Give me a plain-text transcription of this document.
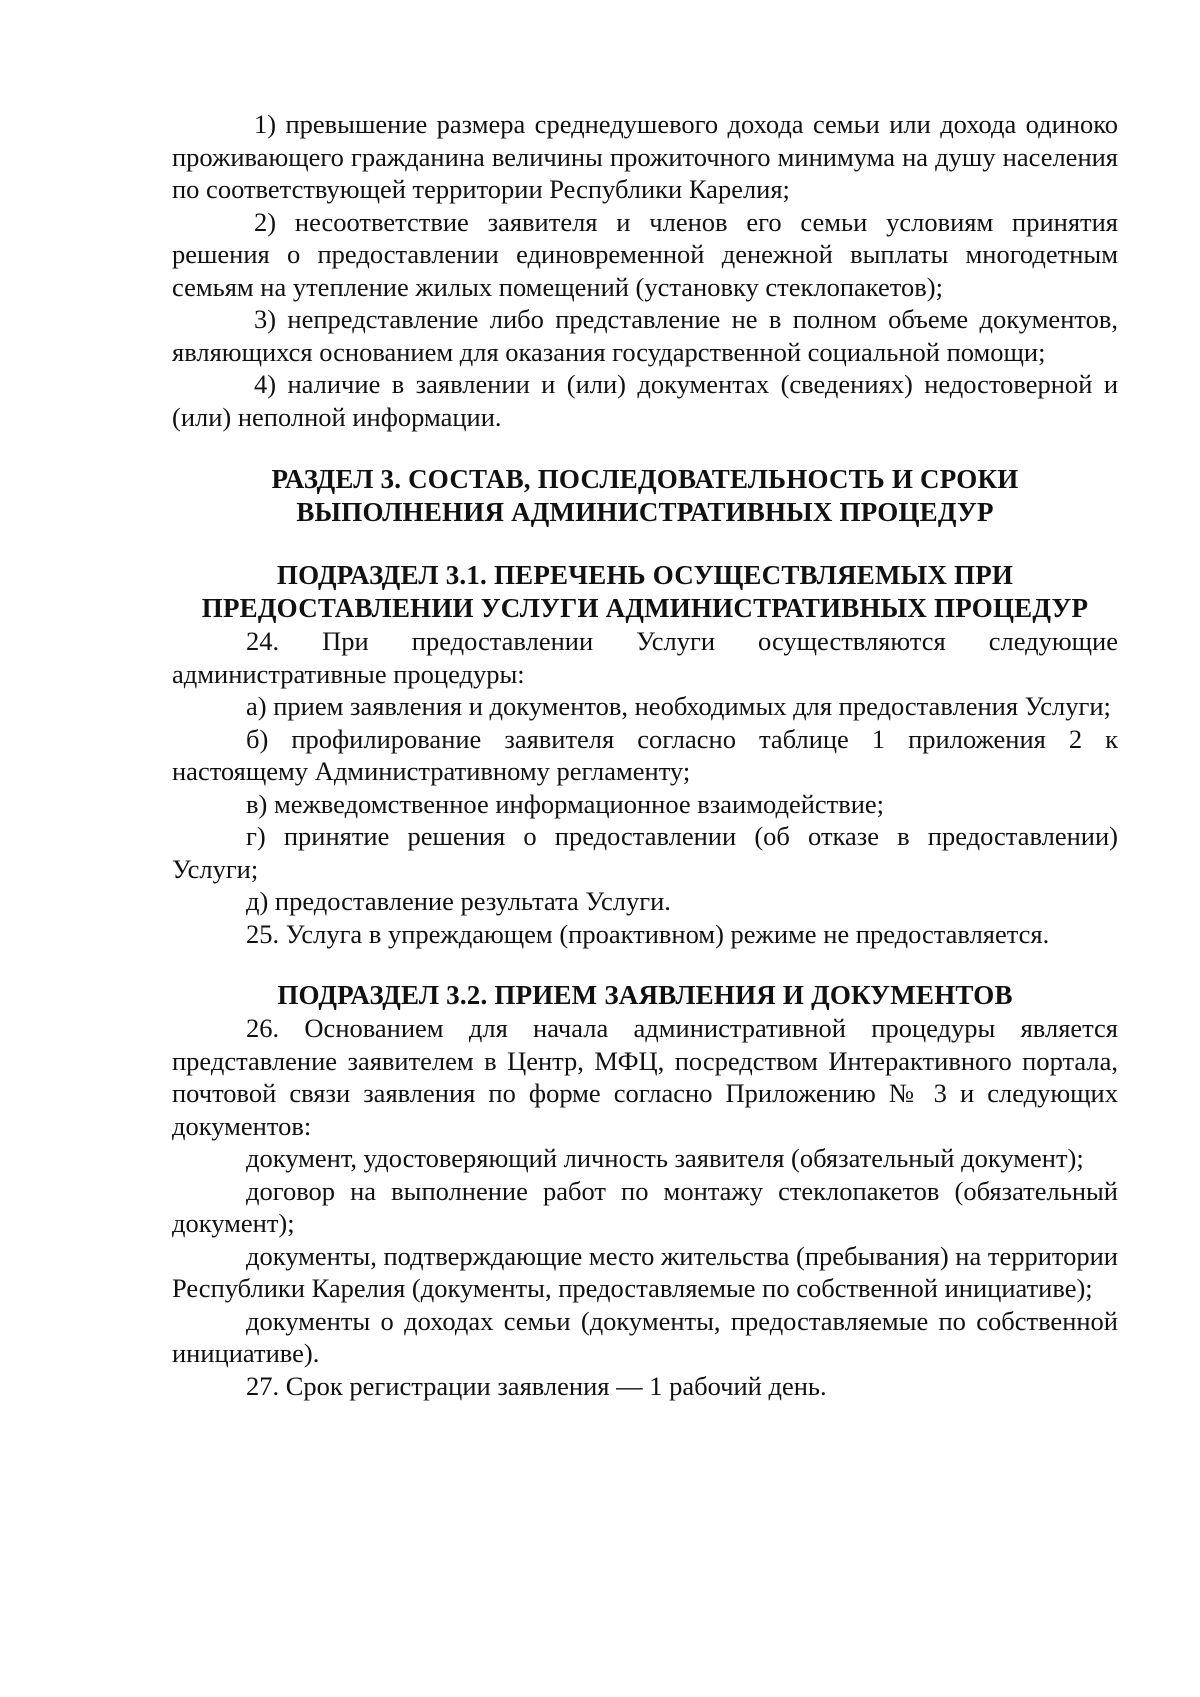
1) превышение размера среднедушевого дохода семьи или дохода одиноко проживающего гражданина величины прожиточного минимума на душу населения по соответствующей территории Республики Карелия;

2) несоответствие заявителя и членов его семьи условиям принятия решения о предоставлении единовременной денежной выплаты многодетным семьям на утепление жилых помещений (установку стеклопакетов);

3) непредставление либо представление не в полном объеме документов, являющихся основанием для оказания государственной социальной помощи;

4) наличие в заявлении и (или) документах (сведениях) недостоверной и (или) неполной информации.

РАЗДЕЛ 3. СОСТАВ, ПОСЛЕДОВАТЕЛЬНОСТЬ И СРОКИ
ВЫПОЛНЕНИЯ АДМИНИСТРАТИВНЫХ ПРОЦЕДУР
ПОДРАЗДЕЛ 3.1. ПЕРЕЧЕНЬ ОСУЩЕСТВЛЯЕМЫХ ПРИ
ПРЕДОСТАВЛЕНИИ УСЛУГИ АДМИНИСТРАТИВНЫХ ПРОЦЕДУР

24. При предоставлении Услуги осуществляются следующие административные процедуры:

а) прием заявления и документов, необходимых для предоставления Услуги;

б) профилирование заявителя согласно таблице 1 приложения 2 к настоящему Административному регламенту;

в) межведомственное информационное взаимодействие;

г) принятие решения о предоставлении (об отказе в предоставлении) Услуги;

д) предоставление результата Услуги.

25. Услуга в упреждающем (проактивном) режиме не предоставляется.

ПОДРАЗДЕЛ 3.2. ПРИЕМ ЗАЯВЛЕНИЯ И ДОКУМЕНТОВ

26. Основанием для начала административной процедуры является представление заявителем в Центр, МФЦ, посредством Интерактивного портала, почтовой связи заявления по форме согласно Приложению № 3 и следующих документов:

документ, удостоверяющий личность заявителя (обязательный документ);

договор на выполнение работ по монтажу стеклопакетов (обязательный документ);

документы, подтверждающие место жительства (пребывания) на территории Республики Карелия (документы, предоставляемые по собственной инициативе);

документы о доходах семьи (документы, предоставляемые по собственной инициативе).

27. Срок регистрации заявления — 1 рабочий день.
